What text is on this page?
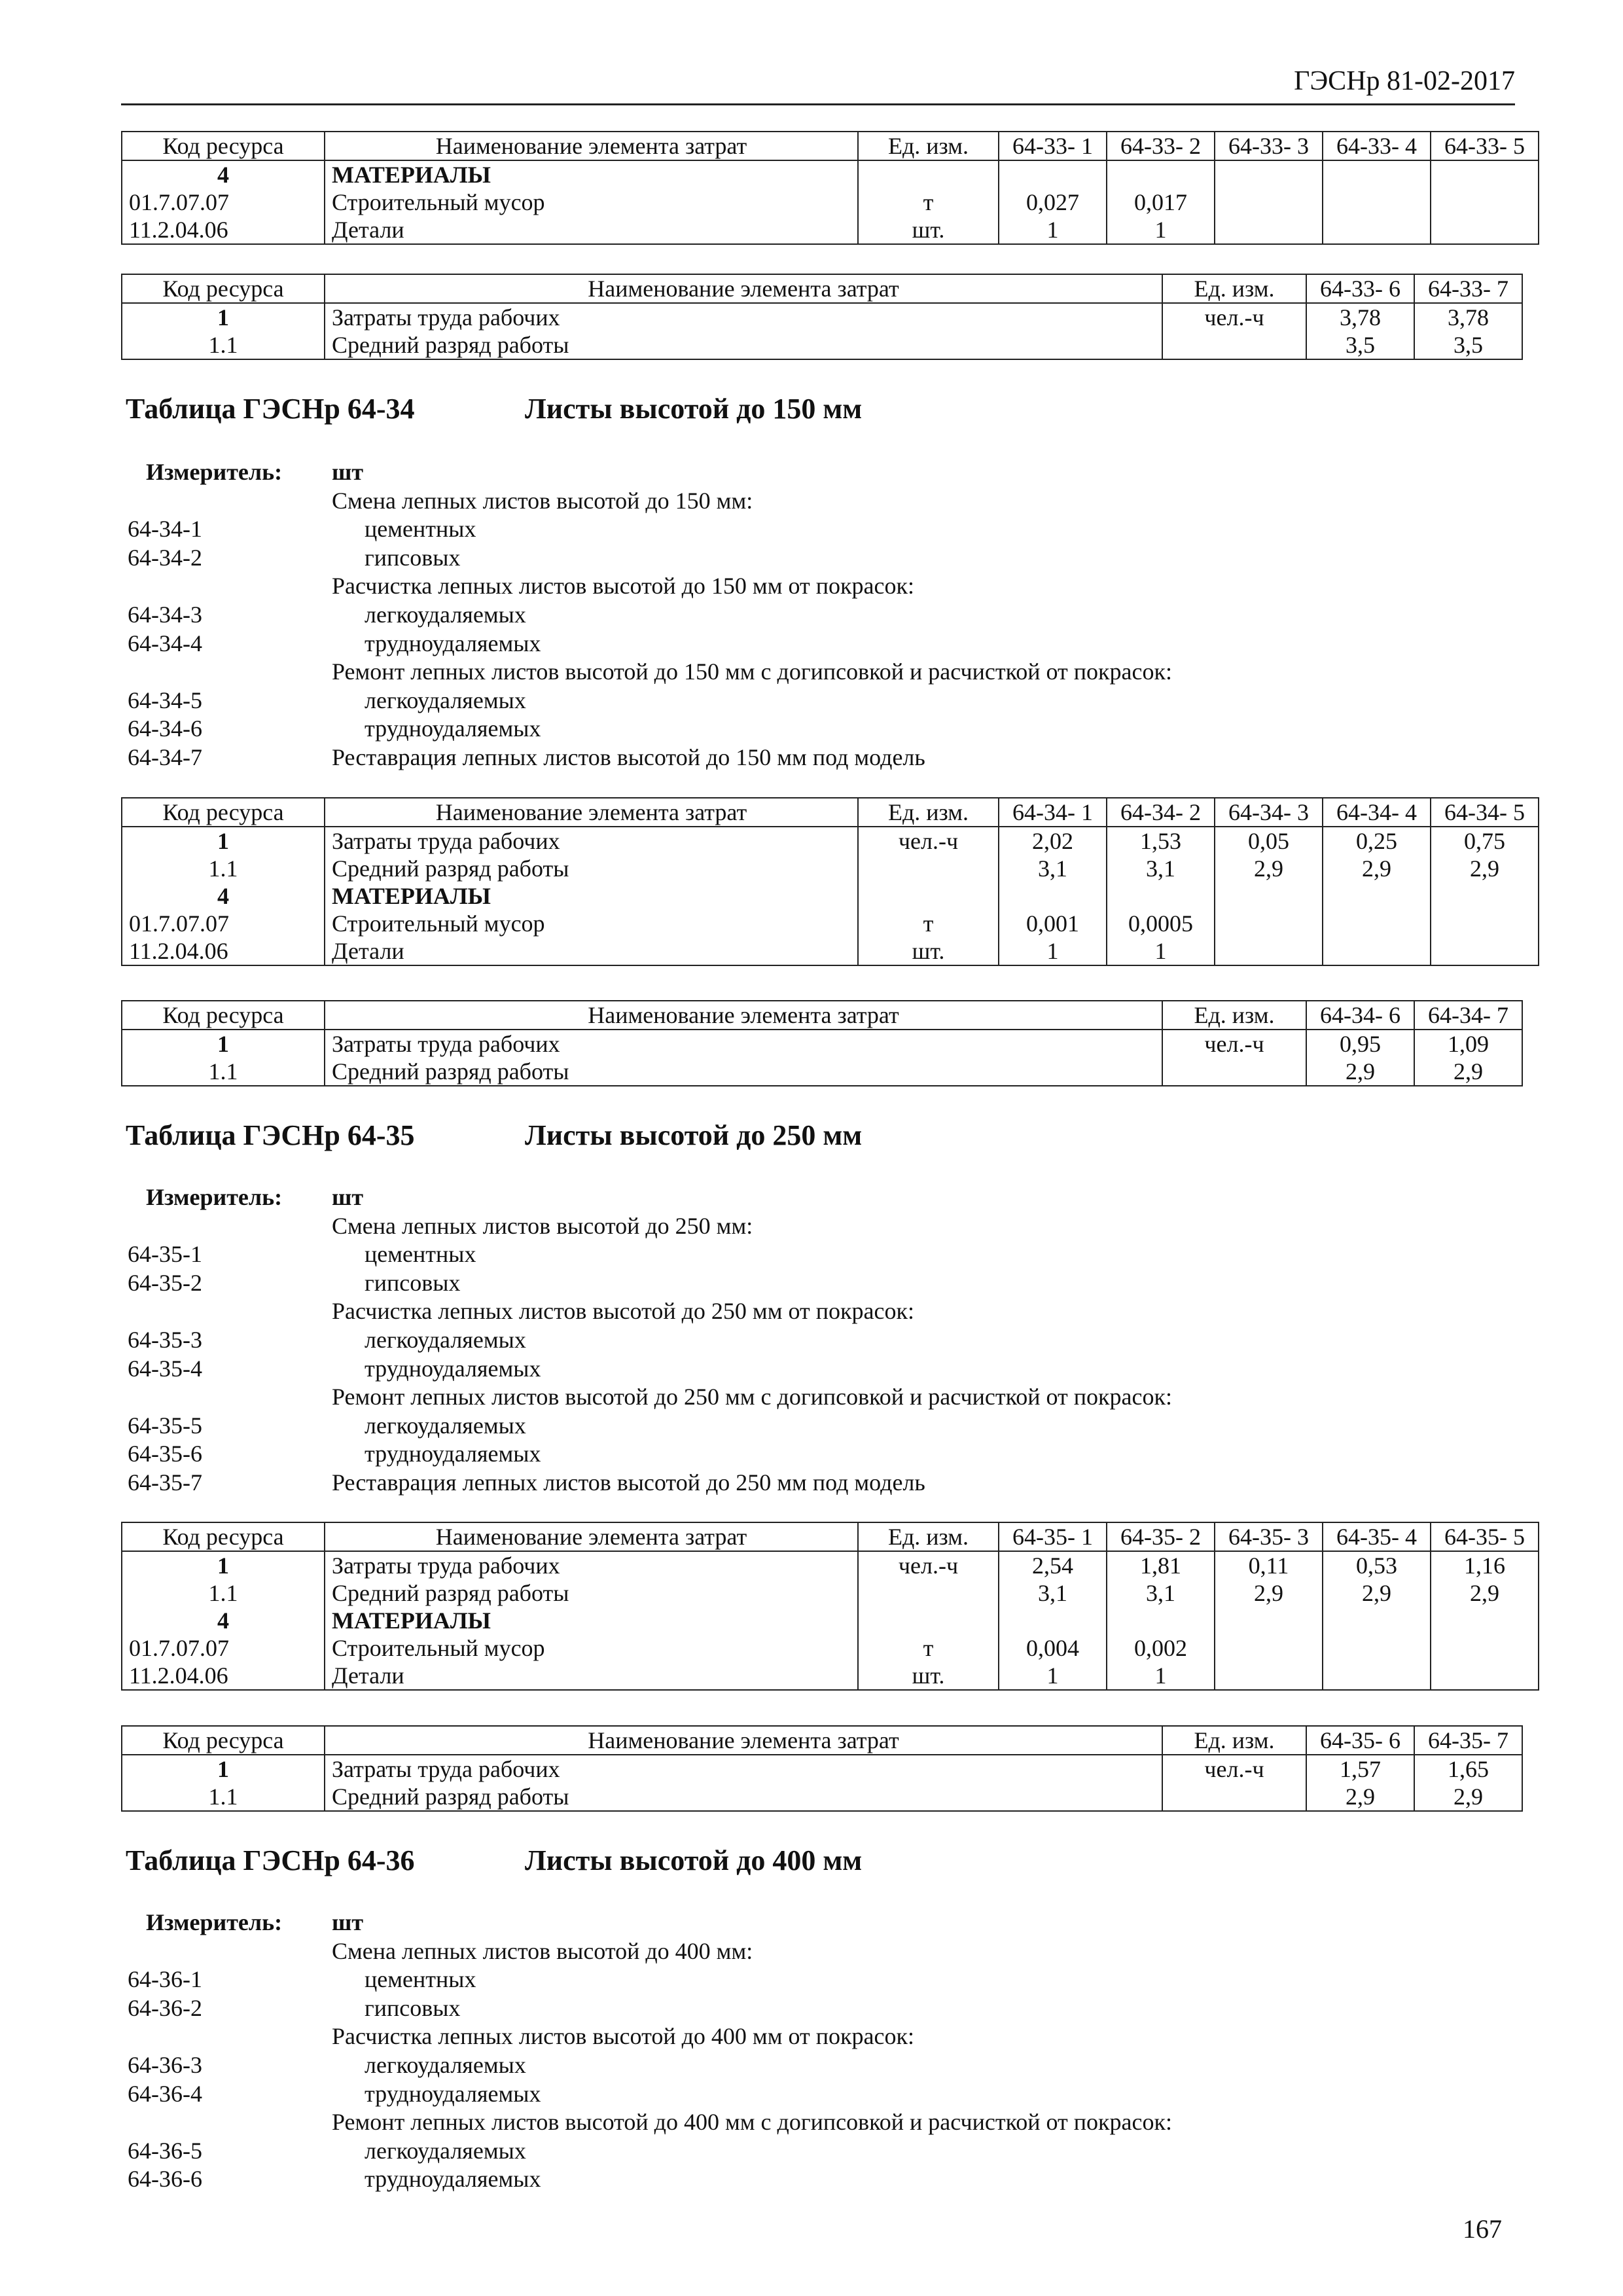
ГЭСНр 81-02-2017
Код ресурса	Наименование элемента затрат	Ед. изм.	64-33- 1	64-33- 2	64-33- 3	64-33- 4	64-33- 5
4	МАТЕРИАЛЫ						
01.7.07.07	Строительный мусор	т	0,027	0,017			
11.2.04.06	Детали	шт.	1	1			
Код ресурса	Наименование элемента затрат	Ед. изм.	64-33- 6	64-33- 7
1	Затраты труда рабочих	чел.-ч	3,78	3,78
1.1	Средний разряд работы		3,5	3,5
Таблица ГЭСНр 64-34	Листы высотой до 150 мм
Измеритель: шт
Смена лепных листов высотой до 150 мм:
64-34-1	цементных
64-34-2	гипсовых
Расчистка лепных листов высотой до 150 мм от покрасок:
64-34-3	легкоудаляемых
64-34-4	трудноудаляемых
Ремонт лепных листов высотой до 150 мм с догипсовкой и расчисткой от покрасок:
64-34-5	легкоудаляемых
64-34-6	трудноудаляемых
64-34-7	Реставрация лепных листов высотой до 150 мм под модель
Код ресурса	Наименование элемента затрат	Ед. изм.	64-34- 1	64-34- 2	64-34- 3	64-34- 4	64-34- 5
1	Затраты труда рабочих	чел.-ч	2,02	1,53	0,05	0,25	0,75
1.1	Средний разряд работы		3,1	3,1	2,9	2,9	2,9
4	МАТЕРИАЛЫ						
01.7.07.07	Строительный мусор	т	0,001	0,0005			
11.2.04.06	Детали	шт.	1	1			
Код ресурса	Наименование элемента затрат	Ед. изм.	64-34- 6	64-34- 7
1	Затраты труда рабочих	чел.-ч	0,95	1,09
1.1	Средний разряд работы		2,9	2,9
Таблица ГЭСНр 64-35	Листы высотой до 250 мм
Измеритель: шт
Смена лепных листов высотой до 250 мм:
64-35-1	цементных
64-35-2	гипсовых
Расчистка лепных листов высотой до 250 мм от покрасок:
64-35-3	легкоудаляемых
64-35-4	трудноудаляемых
Ремонт лепных листов высотой до 250 мм с догипсовкой и расчисткой от покрасок:
64-35-5	легкоудаляемых
64-35-6	трудноудаляемых
64-35-7	Реставрация лепных листов высотой до 250 мм под модель
Код ресурса	Наименование элемента затрат	Ед. изм.	64-35- 1	64-35- 2	64-35- 3	64-35- 4	64-35- 5
1	Затраты труда рабочих	чел.-ч	2,54	1,81	0,11	0,53	1,16
1.1	Средний разряд работы		3,1	3,1	2,9	2,9	2,9
4	МАТЕРИАЛЫ						
01.7.07.07	Строительный мусор	т	0,004	0,002			
11.2.04.06	Детали	шт.	1	1			
Код ресурса	Наименование элемента затрат	Ед. изм.	64-35- 6	64-35- 7
1	Затраты труда рабочих	чел.-ч	1,57	1,65
1.1	Средний разряд работы		2,9	2,9
Таблица ГЭСНр 64-36	Листы высотой до 400 мм
Измеритель: шт
Смена лепных листов высотой до 400 мм:
64-36-1	цементных
64-36-2	гипсовых
Расчистка лепных листов высотой до 400 мм от покрасок:
64-36-3	легкоудаляемых
64-36-4	трудноудаляемых
Ремонт лепных листов высотой до 400 мм с догипсовкой и расчисткой от покрасок:
64-36-5	легкоудаляемых
64-36-6	трудноудаляемых
167
